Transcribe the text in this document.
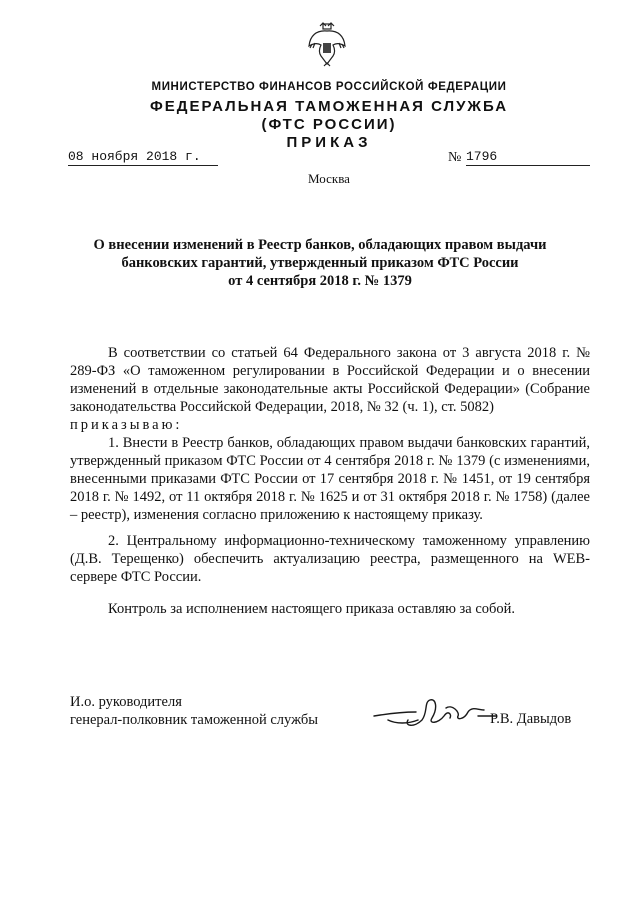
МИНИСТЕРСТВО ФИНАНСОВ РОССИЙСКОЙ ФЕДЕРАЦИИ
ФЕДЕРАЛЬНАЯ ТАМОЖЕННАЯ СЛУЖБА
(ФТС РОССИИ)
ПРИКАЗ
08 ноября 2018 г.	№ 1796
Москва
О внесении изменений в Реестр банков, обладающих правом выдачи
банковских гарантий, утвержденный приказом ФТС России
от 4 сентября 2018 г. № 1379

В соответствии со статьей 64 Федерального закона от 3 августа 2018 г. № 289-ФЗ «О таможенном регулировании в Российской Федерации и о внесении изменений в отдельные законодательные акты Российской Федерации» (Собрание законодательства Российской Федерации, 2018, № 32 (ч. 1), ст. 5082)

приказываю:

1. Внести в Реестр банков, обладающих правом выдачи банковских гарантий, утвержденный приказом ФТС России от 4 сентября 2018 г. № 1379 (с изменениями, внесенными приказами ФТС России от 17 сентября 2018 г. № 1451, от 19 сентября 2018 г. № 1492, от 11 октября 2018 г. № 1625 и от 31 октября 2018 г. № 1758) (далее – реестр), изменения согласно приложению к настоящему приказу.

2. Центральному информационно-техническому таможенному управлению (Д.В. Терещенко) обеспечить актуализацию реестра, размещенного на WEB-сервере ФТС России.

Контроль за исполнением настоящего приказа оставляю за собой.

И.о. руководителя
генерал-полковник таможенной службы	Р.В. Давыдов
